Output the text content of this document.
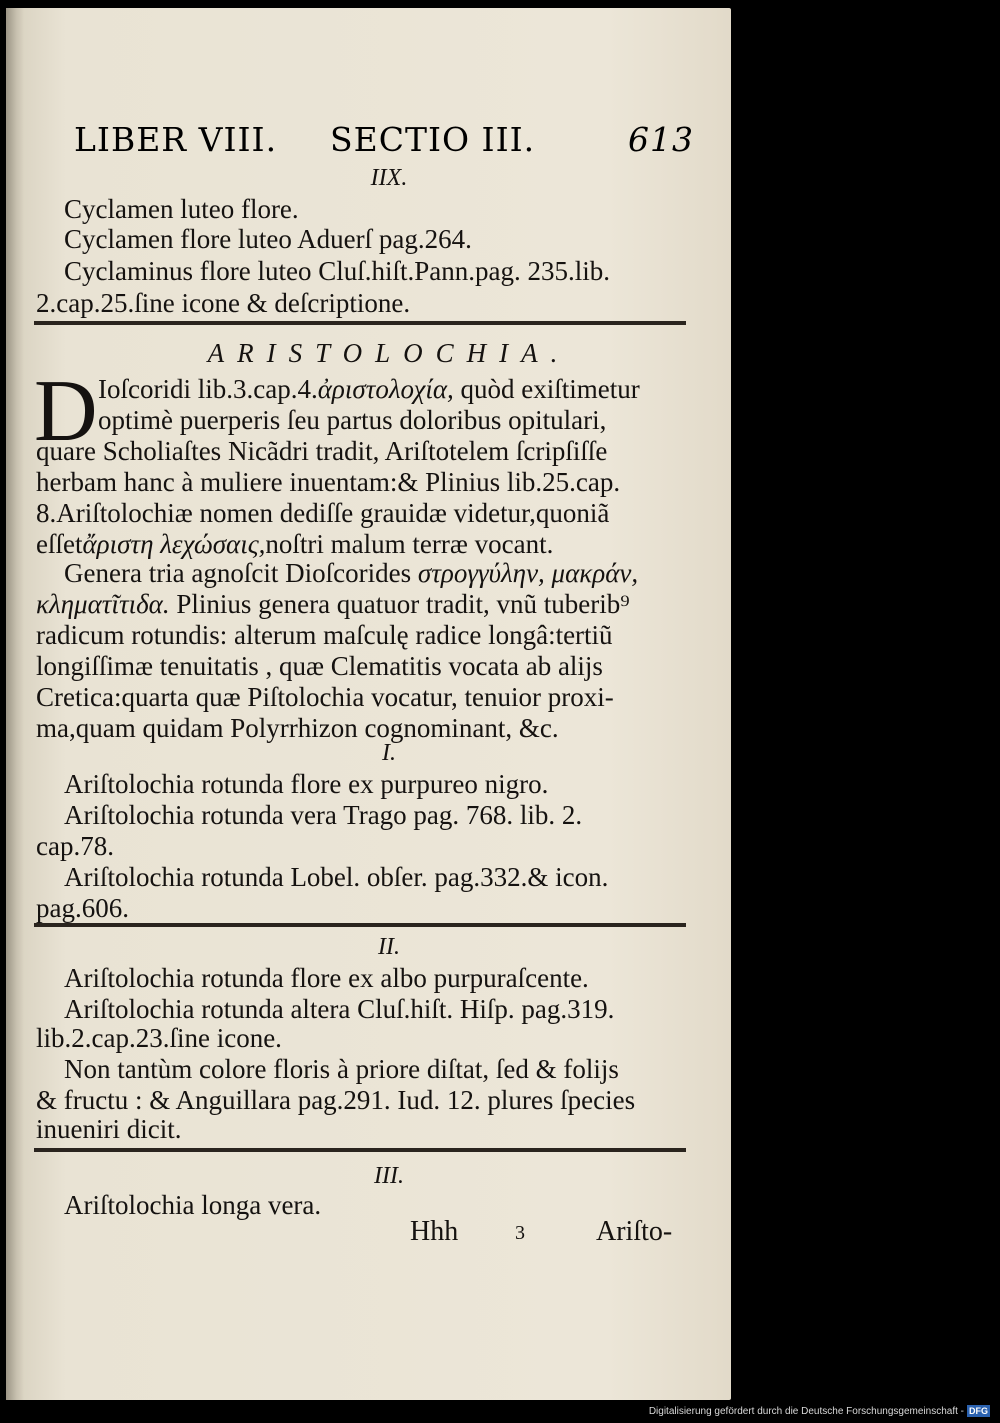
LIBER VIII. SECTIO III.	613
IIX.
Cyclamen luteo flore.
Cyclamen flore luteo Aduerſ pag.264.
Cyclaminus flore luteo Cluſ.hiſt.Pann.pag. 235.lib.
2.cap.25.ſine icone & deſcriptione.
ARISTOLOCHIA.
D Ioſcoridi lib.3.cap.4.ἀριστολοχία, quòd exiſtimetur
optimè puerperis ſeu partus doloribus opitulari,
quare Scholiaſtes Nicãdri tradit, Ariſtotelem ſcripſiſſe
herbam hanc à muliere inuentam:& Plinius lib.25.cap.
8.Ariſtolochiæ nomen dediſſe grauidæ videtur,quoniã
eſſetἄριστη λεχώσαις,noſtri malum terræ vocant.
Genera tria agnoſcit Dioſcorides στρογγύλην, μακράν,
κληματῖτιδα. Plinius genera quatuor tradit, vnũ tuberib⁹
radicum rotundis: alterum maſculę radice longâ:tertiũ
longiſſimæ tenuitatis , quæ Clematitis vocata ab alijs
Cretica:quarta quæ Piſtolochia vocatur, tenuior proxi-
ma,quam quidam Polyrrhizon cognominant, &c.
I.
Ariſtolochia rotunda flore ex purpureo nigro.
Ariſtolochia rotunda vera Trago pag. 768. lib. 2.
cap.78.
Ariſtolochia rotunda Lobel. obſer. pag.332.& icon.
pag.606.
II.
Ariſtolochia rotunda flore ex albo purpuraſcente.
Ariſtolochia rotunda altera Cluſ.hiſt. Hiſp. pag.319.
lib.2.cap.23.ſine icone.
Non tantùm colore floris à priore diſtat, ſed & folijs
& fructu : & Anguillara pag.291. Iud. 12. plures ſpecies
inueniri dicit.
III.
Ariſtolochia longa vera.
Hhh	3	Ariſto-
Digitalisierung gefördert durch die Deutsche Forschungsgemeinschaft - DFG
